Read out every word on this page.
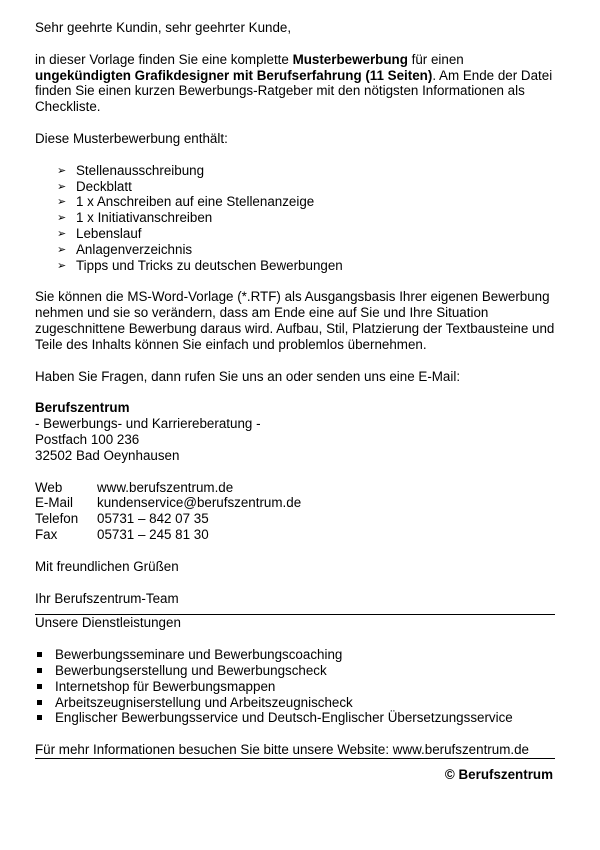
Sehr geehrte Kundin, sehr geehrter Kunde,

in dieser Vorlage finden Sie eine komplette Musterbewerbung für einen ungekündigten Grafikdesigner mit Berufserfahrung (11 Seiten). Am Ende der Datei finden Sie einen kurzen Bewerbungs-Ratgeber mit den nötigsten Informationen als Checkliste.

Diese Musterbewerbung enthält:

➢ Stellenausschreibung
➢ Deckblatt
➢ 1 x Anschreiben auf eine Stellenanzeige
➢ 1 x Initiativanschreiben
➢ Lebenslauf
➢ Anlagenverzeichnis
➢ Tipps und Tricks zu deutschen Bewerbungen

Sie können die MS-Word-Vorlage (*.RTF) als Ausgangsbasis Ihrer eigenen Bewerbung nehmen und sie so verändern, dass am Ende eine auf Sie und Ihre Situation zugeschnittene Bewerbung daraus wird. Aufbau, Stil, Platzierung der Textbausteine und Teile des Inhalts können Sie einfach und problemlos übernehmen.

Haben Sie Fragen, dann rufen Sie uns an oder senden uns eine E-Mail:

Berufszentrum

- Bewerbungs- und Karriereberatung -

Postfach 100 236

32502 Bad Oeynhausen

Web	www.berufszentrum.de
E-Mail	kundenservice@berufszentrum.de
Telefon	05731 – 842 07 35
Fax	05731 – 245 81 30

Mit freundlichen Grüßen

Ihr Berufszentrum-Team

Unsere Dienstleistungen

Bewerbungsseminare und Bewerbungscoaching
Bewerbungserstellung und Bewerbungscheck
Internetshop für Bewerbungsmappen
Arbeitszeugniserstellung und Arbeitszeugnischeck
Englischer Bewerbungsservice und Deutsch-Englischer Übersetzungsservice

Für mehr Informationen besuchen Sie bitte unsere Website: www.berufszentrum.de

© Berufszentrum
